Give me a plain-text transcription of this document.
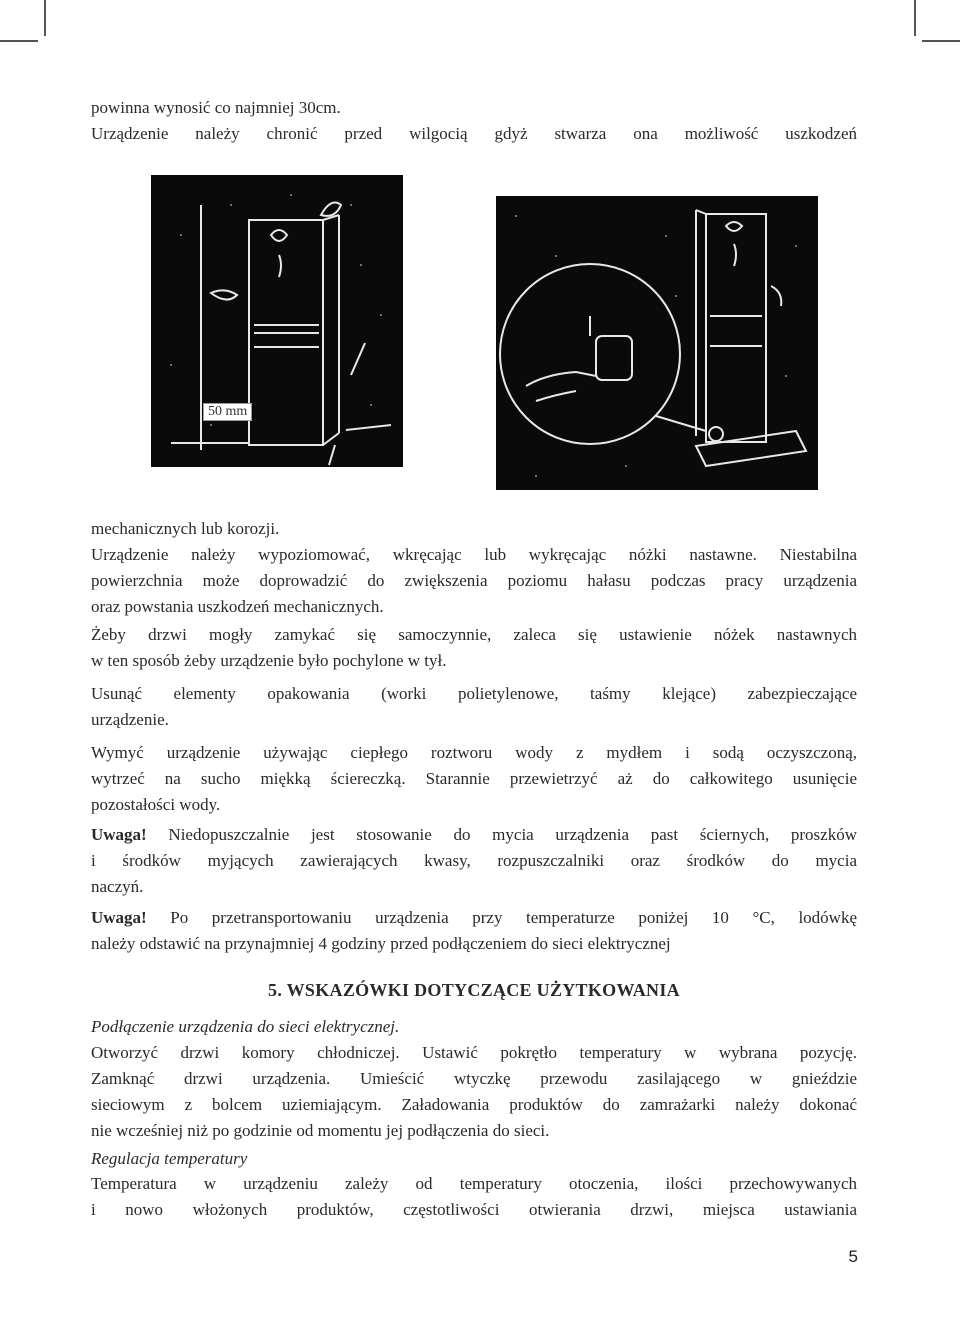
powinna wynosić co najmniej 30cm.
Urządzenie należy chronić przed wilgocią gdyż stwarza ona możliwość uszkodzeń
50 mm
mechanicznych lub korozji.
Urządzenie należy wypoziomować, wkręcając lub wykręcając nóżki nastawne. Niestabilna
powierzchnia może doprowadzić do zwiększenia poziomu hałasu podczas pracy urządzenia
oraz powstania uszkodzeń mechanicznych.
Żeby drzwi mogły zamykać się samoczynnie, zaleca się ustawienie nóżek nastawnych
w ten sposób żeby urządzenie było pochylone w tył.
Usunąć elementy opakowania (worki polietylenowe, taśmy klejące) zabezpieczające
urządzenie.
Wymyć urządzenie używając ciepłego roztworu wody z mydłem i sodą oczyszczoną,
wytrzeć na sucho miękką ściereczką. Starannie przewietrzyć aż do całkowitego usunięcie
pozostałości wody.
Uwaga! Niedopuszczalnie jest stosowanie do mycia urządzenia past ściernych, proszków
i środków myjących zawierających kwasy, rozpuszczalniki oraz środków do mycia
naczyń.
Uwaga! Po przetransportowaniu urządzenia przy temperaturze poniżej 10 °C, lodówkę
należy odstawić na przynajmniej 4 godziny przed podłączeniem do sieci elektrycznej
5. WSKAZÓWKI DOTYCZĄCE UŻYTKOWANIA
Podłączenie urządzenia do sieci elektrycznej.
Otworzyć drzwi komory chłodniczej. Ustawić pokrętło temperatury w wybrana pozycję.
Zamknąć drzwi urządzenia. Umieścić wtyczkę przewodu zasilającego w gnieździe
sieciowym z bolcem uziemiającym. Załadowania produktów do zamrażarki należy dokonać
nie wcześniej niż po godzinie od momentu jej podłączenia do sieci.
Regulacja temperatury
Temperatura w urządzeniu zależy od temperatury otoczenia, ilości przechowywanych
i nowo włożonych produktów, częstotliwości otwierania drzwi, miejsca ustawiania
5
